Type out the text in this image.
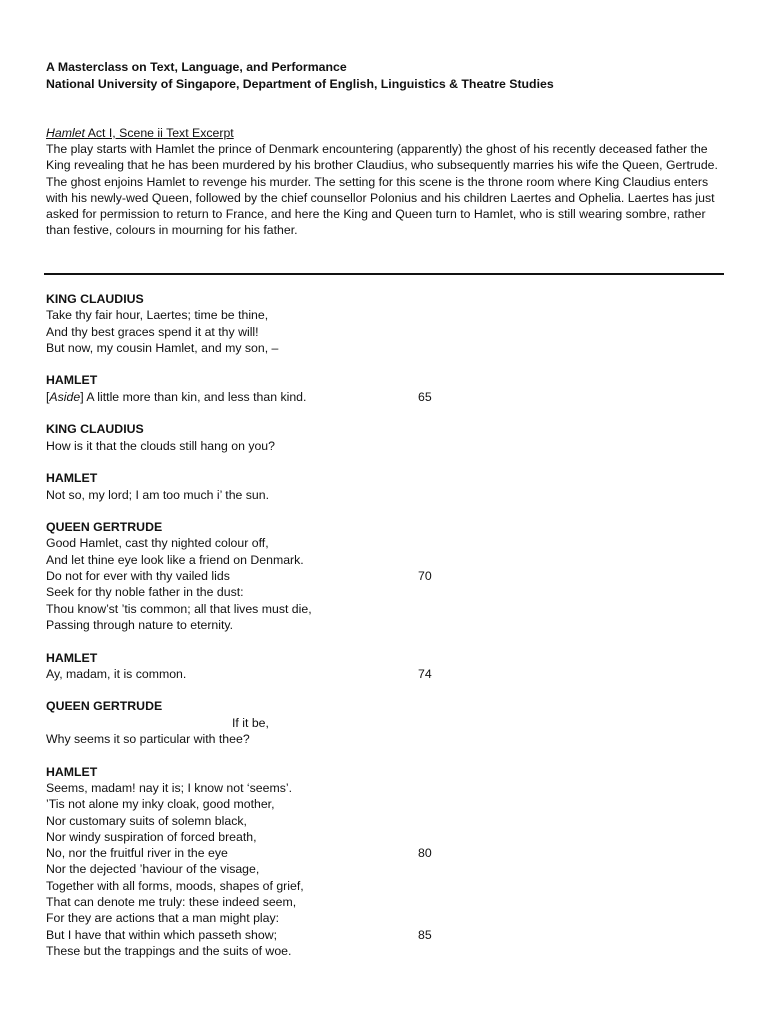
A Masterclass on Text, Language, and Performance
National University of Singapore, Department of English, Linguistics & Theatre Studies
Hamlet Act I, Scene ii Text Excerpt
The play starts with Hamlet the prince of Denmark encountering (apparently) the ghost of his recently deceased father the King revealing that he has been murdered by his brother Claudius, who subsequently marries his wife the Queen, Gertrude. The ghost enjoins Hamlet to revenge his murder. The setting for this scene is the throne room where King Claudius enters with his newly-wed Queen, followed by the chief counsellor Polonius and his children Laertes and Ophelia. Laertes has just asked for permission to return to France, and here the King and Queen turn to Hamlet, who is still wearing sombre, rather than festive, colours in mourning for his father.
KING CLAUDIUS
Take thy fair hour, Laertes; time be thine,
And thy best graces spend it at thy will!
But now, my cousin Hamlet, and my son, –
HAMLET
[Aside] A little more than kin, and less than kind.	65
KING CLAUDIUS
How is it that the clouds still hang on you?
HAMLET
Not so, my lord; I am too much i’ the sun.
QUEEN GERTRUDE
Good Hamlet, cast thy nighted colour off,
And let thine eye look like a friend on Denmark.
Do not for ever with thy vailed lids	70
Seek for thy noble father in the dust:
Thou know’st ’tis common; all that lives must die,
Passing through nature to eternity.
HAMLET
Ay, madam, it is common.	74
QUEEN GERTRUDE
If it be,
Why seems it so particular with thee?
HAMLET
Seems, madam! nay it is; I know not ‘seems’.
’Tis not alone my inky cloak, good mother,
Nor customary suits of solemn black,
Nor windy suspiration of forced breath,
No, nor the fruitful river in the eye	80
Nor the dejected ’haviour of the visage,
Together with all forms, moods, shapes of grief,
That can denote me truly: these indeed seem,
For they are actions that a man might play:
But I have that within which passeth show;	85
These but the trappings and the suits of woe.
